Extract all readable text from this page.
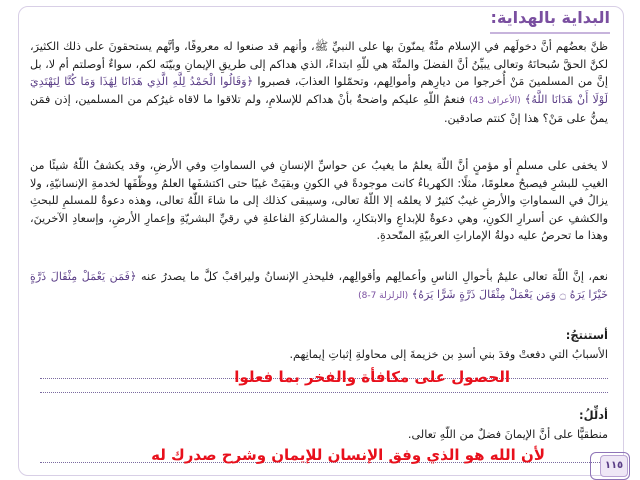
البداية بالهداية:
ظنَّ بعضُهم أنَّ دخولَهم في الإسلام منَّةٌ يمنّونَ بها على النبيِّ ﷺ، وأنهم قد صنعوا له معروفًا، وأنَّهم يستحقونَ على ذلك الكثيرَ، لكنَّ الحقَّ سُبحانَهُ وتعالى يبيِّنُ أنَّ الفضلَ والمنَّةَ هي للّهِ ابتداءً، الذي هداكم إلى طريقِ الإيمانِ وبيّنَه لكم، سواءٌ أوصلتم أم لا، بل إنَّ من المسلمينَ مَنْ أُخرجوا من ديارِهم وأموالِهم، وتحمّلوا العذابَ، فصبروا ﴿وَقَالُوا الْحَمْدُ لِلَّهِ الَّذِي هَدَانَا لِهَٰذَا وَمَا كُنَّا لِنَهْتَدِيَ لَوْلَا أَنْ هَدَانَا اللَّهُ﴾ (الأعراف 43) فنعمُ اللّهِ عليكم واضحةٌ بأنْ هداكم للإسلامِ، ولم تلاقوا ما لاقاه غيرُكم من المسلمين، إذن فمَن يمنُّ على مَنْ؟ هذا إنْ كنتم صادقين.
لا يخفى على مسلمٍ أو مؤمنٍ أنَّ اللّهَ يعلمُ ما يغيبُ عن حواسِّ الإنسانِ في السماواتِ وفي الأرضِ، وقد يكشفُ اللّهُ شيئًا من الغيبِ للبشرِ فيصبحُ معلومًا، مثلًا: الكهرباءُ كانت موجودةً في الكونِ وبقيَتْ غيبًا حتى اكتشفَها العلمُ ووظّفَها لخدمةِ الإنسانيّةِ، ولا يزالُ في السماواتِ والأرضِ غيبٌ كثيرٌ لا يعلمُه إلا اللّهُ تعالى، وسيبقى كذلك إلى ما شاءَ اللّهُ تعالى، وهذه دعوةٌ للمسلمِ للبحثِ والكشفِ عن أسرارِ الكونِ، وهي دعوةٌ للإبداعِ والابتكارِ، والمشاركةِ الفاعلةِ في رقيِّ البشريّةِ وإعمارِ الأرضِ، وإسعادِ الآخرينَ، وهذا ما تحرصُ عليه دولةُ الإماراتِ العربيّةِ المتّحدةِ.
نعم، إنَّ اللّهَ تعالى عليمٌ بأحوالِ الناسِ وأعمالِهم وأقوالِهم، فليحذرِ الإنسانُ وليراقبْ كلَّ ما يصدرُ عنه ﴿فَمَن يَعْمَلْ مِثْقَالَ ذَرَّةٍ خَيْرًا يَرَهُ ۝ وَمَن يَعْمَلْ مِثْقَالَ ذَرَّةٍ شَرًّا يَرَهُ﴾ (الزلزلة 7-8)
أستنتجُ:
الأسبابُ التي دفعتْ وفدَ بني أسدِ بن خزيمةَ إلى محاولةِ إثباتِ إيمانِهم.
الحصول على مكافأة والفخر بما فعلوا
أدلِّلُ:
منطقيًّا على أنَّ الإيمانَ فضلٌ من اللّهِ تعالى.
لأن الله هو الذي وفق الإنسان للإيمان وشرح صدرك له
١١٥
